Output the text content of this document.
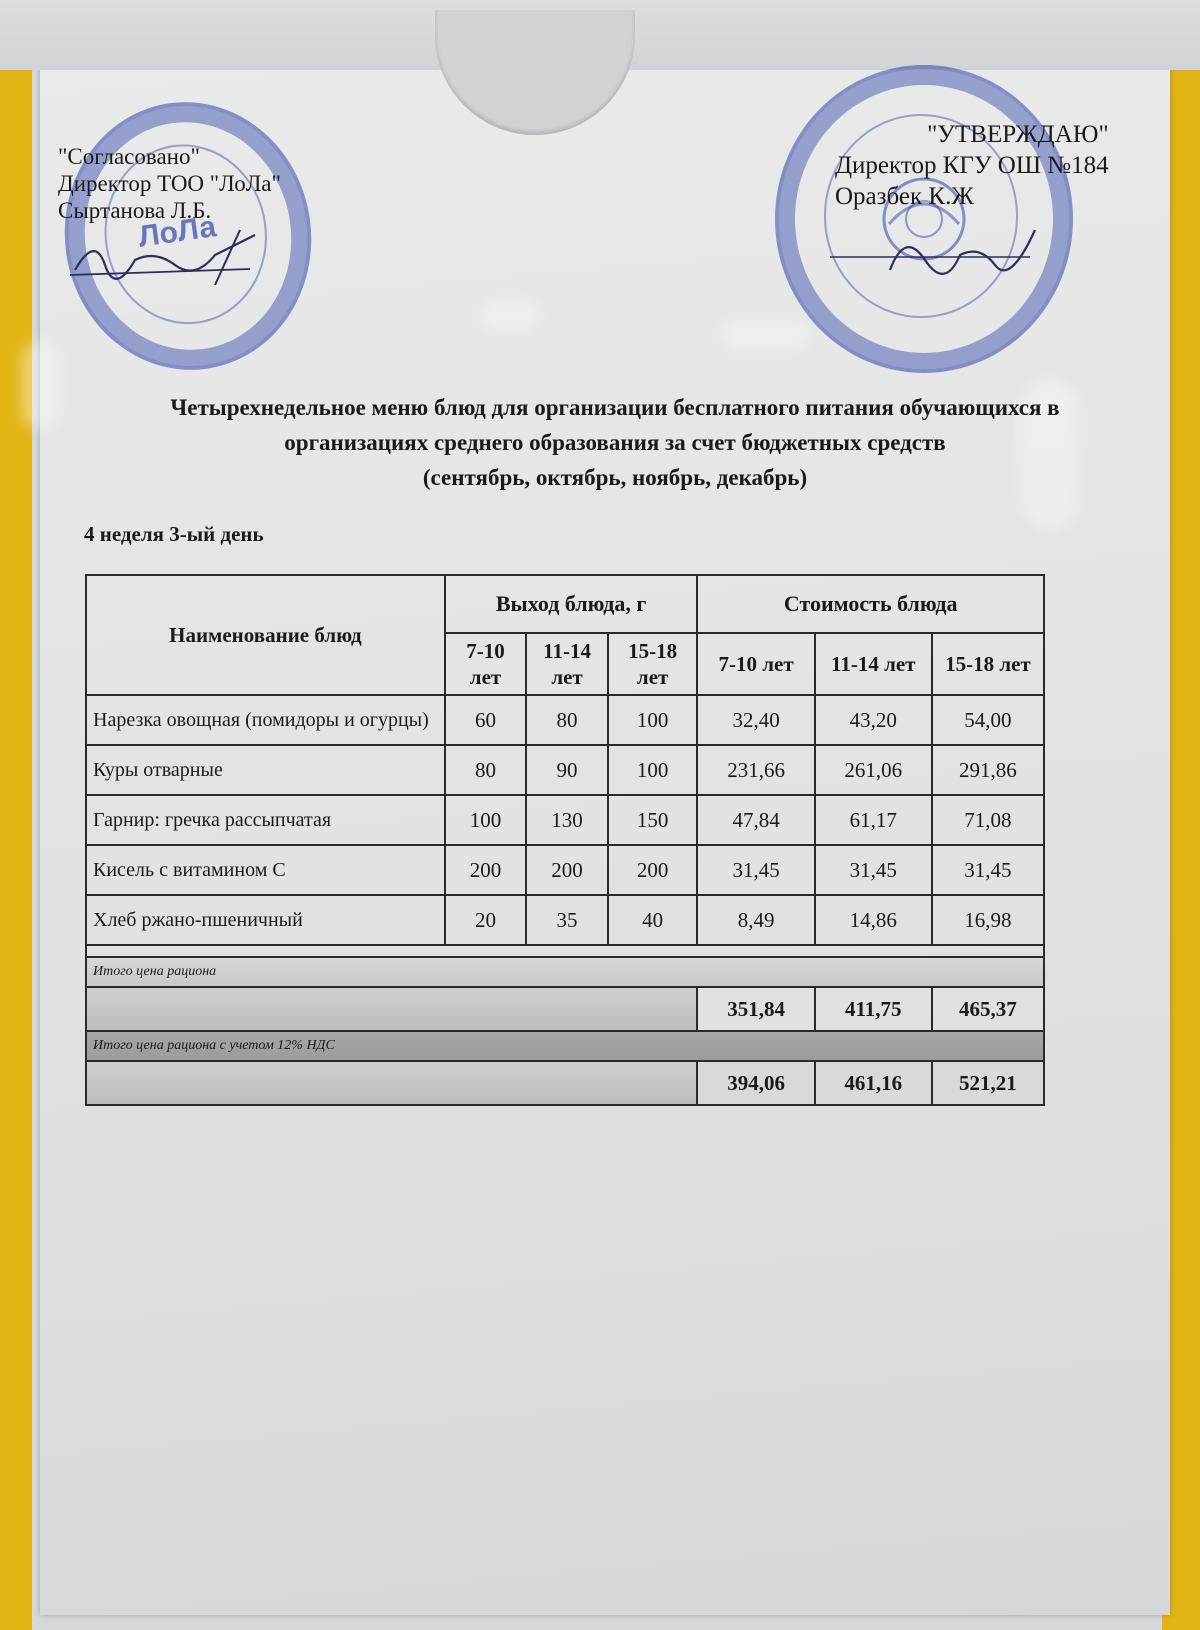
ЛоЛа
"Согласовано"
Директор ТОО "ЛоЛа"
Сыртанова Л.Б.
"УТВЕРЖДАЮ"
Директор КГУ ОШ №184
Оразбек К.Ж
Четырехнедельное меню блюд для организации бесплатного питания обучающихся в
организациях среднего образования за счет бюджетных средств
(сентябрь, октябрь, ноябрь, декабрь)
4 неделя 3-ый день
Наименование блюд	Выход блюда, г			Стоимость блюда		
	7-10 лет	11-14 лет	15-18 лет	7-10 лет	11-14 лет	15-18 лет
Нарезка овощная (помидоры и огурцы)	60	80	100	32,40	43,20	54,00
Куры отварные	80	90	100	231,66	261,06	291,86
Гарнир: гречка рассыпчатая	100	130	150	47,84	61,17	71,08
Кисель с витамином С	200	200	200	31,45	31,45	31,45
Хлеб ржано-пшеничный	20	35	40	8,49	14,86	16,98

Итого цена рациона						
				351,84	411,75	465,37
Итого цена рациона с учетом 12% НДС						
				394,06	461,16	521,21
